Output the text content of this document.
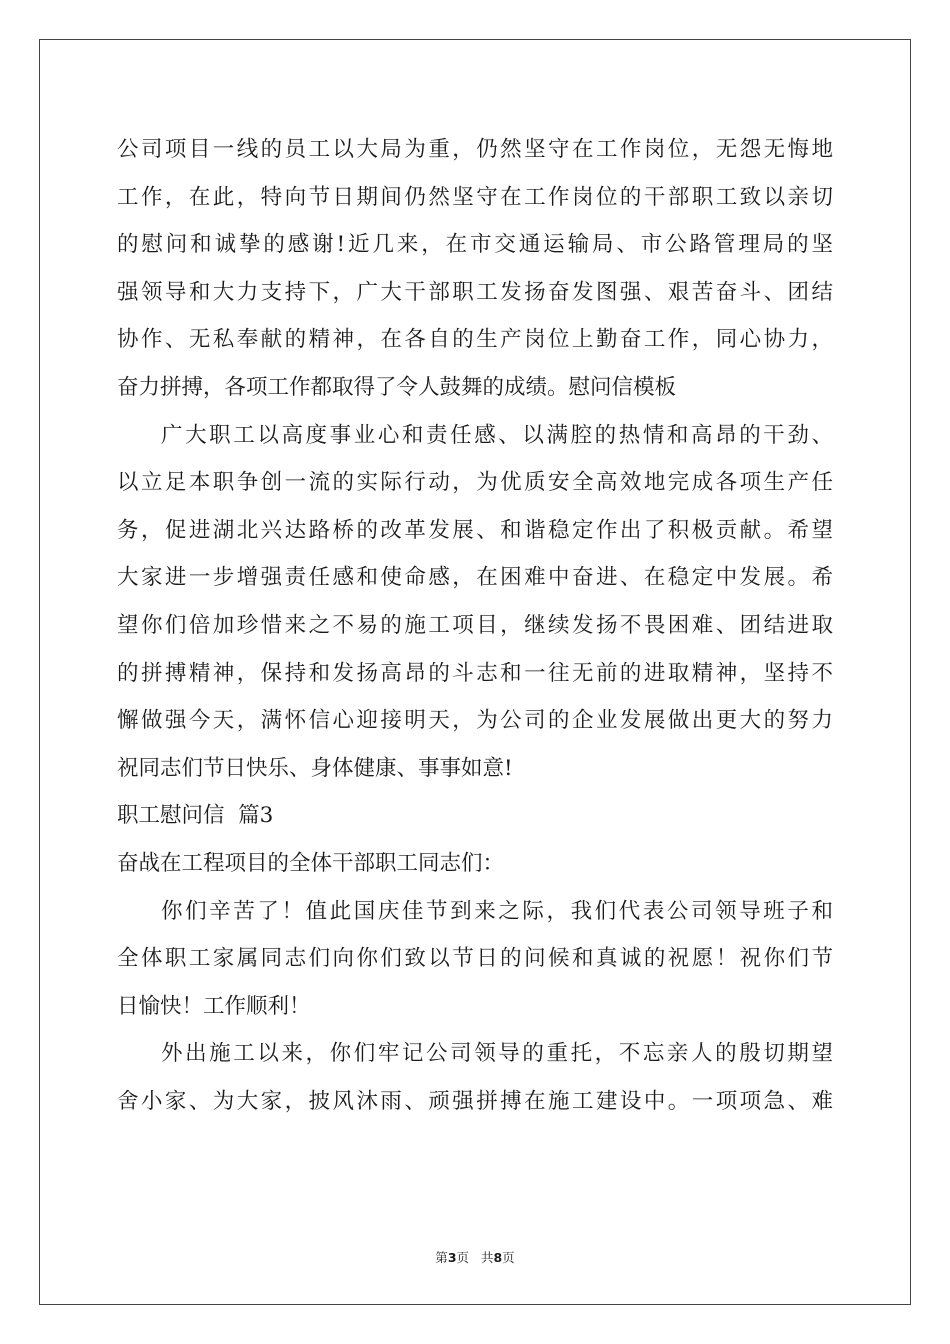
公司项目一线的员工以大局为重，仍然坚守在工作岗位，无怨无悔地
工作，在此，特向节日期间仍然坚守在工作岗位的干部职工致以亲切
的慰问和诚挚的感谢!近几来，在市交通运输局、市公路管理局的坚
强领导和大力支持下，广大干部职工发扬奋发图强、艰苦奋斗、团结
协作、无私奉献的精神，在各自的生产岗位上勤奋工作，同心协力，
奋力拼搏，各项工作都取得了令人鼓舞的成绩。慰问信模板
广大职工以高度事业心和责任感、以满腔的热情和高昂的干劲、
以立足本职争创一流的实际行动，为优质安全高效地完成各项生产任
务，促进湖北兴达路桥的改革发展、和谐稳定作出了积极贡献。希望
大家进一步增强责任感和使命感，在困难中奋进、在稳定中发展。希
望你们倍加珍惜来之不易的施工项目，继续发扬不畏困难、团结进取
的拼搏精神，保持和发扬高昂的斗志和一往无前的进取精神，坚持不
懈做强今天，满怀信心迎接明天，为公司的企业发展做出更大的努力
祝同志们节日快乐、身体健康、事事如意!
职工慰问信  篇3
奋战在工程项目的全体干部职工同志们：
你们辛苦了！值此国庆佳节到来之际，我们代表公司领导班子和
全体职工家属同志们向你们致以节日的问候和真诚的祝愿！祝你们节
日愉快！工作顺利！
外出施工以来，你们牢记公司领导的重托，不忘亲人的殷切期望
舍小家、为大家，披风沐雨、顽强拼搏在施工建设中。一项项急、难
第3页 共8页
